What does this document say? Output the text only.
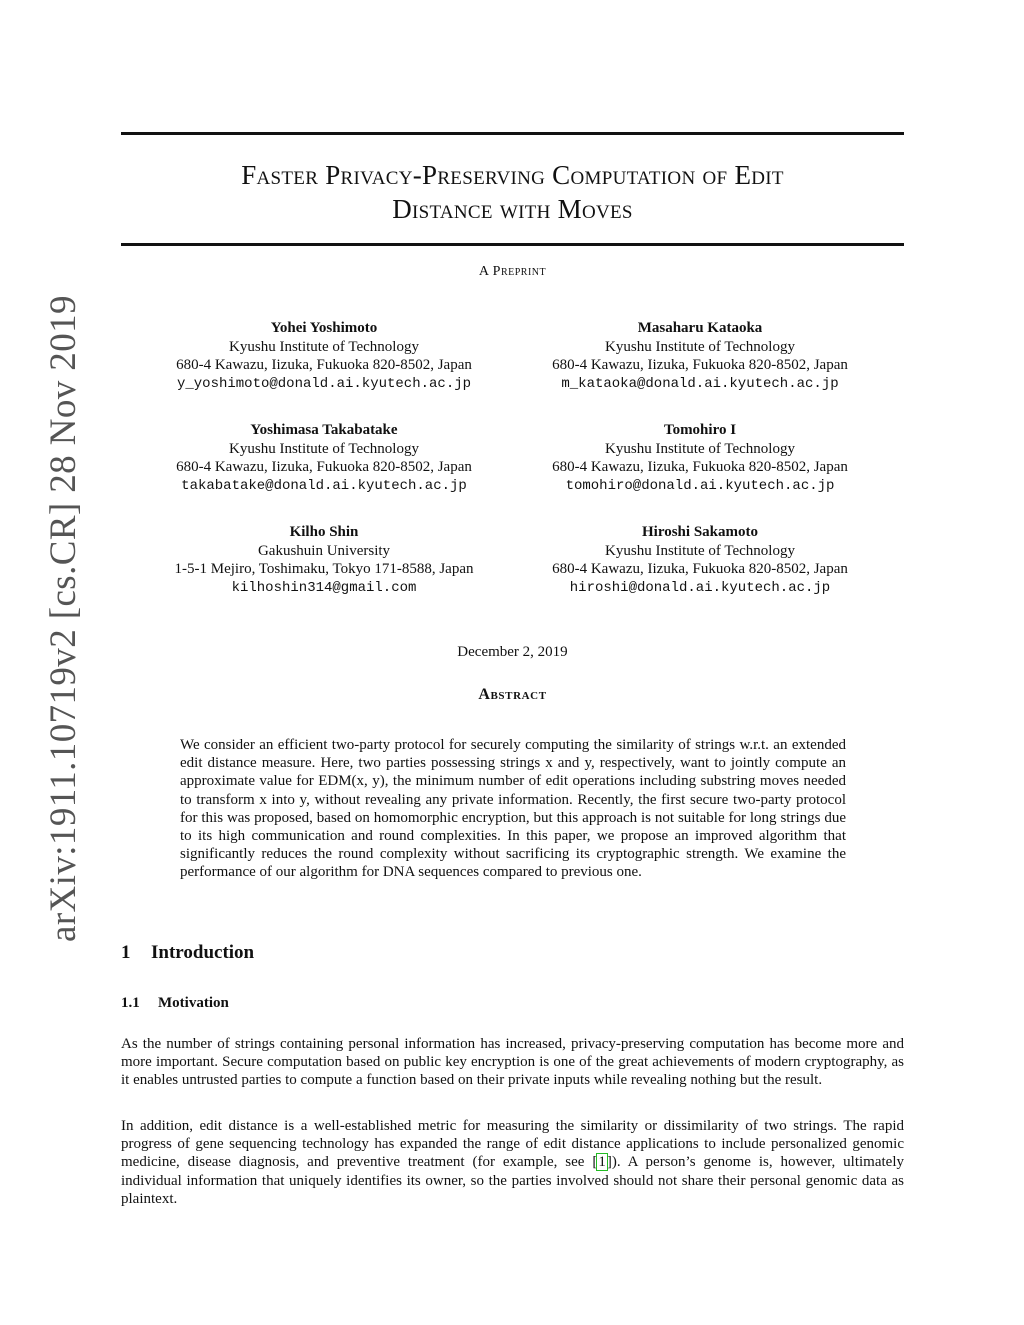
arXiv:1911.10719v2 [cs.CR] 28 Nov 2019
Faster Privacy-Preserving Computation of Edit
Distance with Moves
A Preprint
Yohei Yoshimoto
Kyushu Institute of Technology
680-4 Kawazu, Iizuka, Fukuoka 820-8502, Japan
y_yoshimoto@donald.ai.kyutech.ac.jp
Masaharu Kataoka
Kyushu Institute of Technology
680-4 Kawazu, Iizuka, Fukuoka 820-8502, Japan
m_kataoka@donald.ai.kyutech.ac.jp
Yoshimasa Takabatake
Kyushu Institute of Technology
680-4 Kawazu, Iizuka, Fukuoka 820-8502, Japan
takabatake@donald.ai.kyutech.ac.jp
Tomohiro I
Kyushu Institute of Technology
680-4 Kawazu, Iizuka, Fukuoka 820-8502, Japan
tomohiro@donald.ai.kyutech.ac.jp
Kilho Shin
Gakushuin University
1-5-1 Mejiro, Toshimaku, Tokyo 171-8588, Japan
kilhoshin314@gmail.com
Hiroshi Sakamoto
Kyushu Institute of Technology
680-4 Kawazu, Iizuka, Fukuoka 820-8502, Japan
hiroshi@donald.ai.kyutech.ac.jp
December 2, 2019
Abstract
We consider an efficient two-party protocol for securely computing the similarity of strings w.r.t. an extended edit distance measure. Here, two parties possessing strings x and y, respectively, want to jointly compute an approximate value for EDM(x, y), the minimum number of edit operations including substring moves needed to transform x into y, without revealing any private information. Recently, the first secure two-party protocol for this was proposed, based on homomorphic encryption, but this approach is not suitable for long strings due to its high communication and round complexities. In this paper, we propose an improved algorithm that significantly reduces the round complexity without sacrificing its cryptographic strength. We examine the performance of our algorithm for DNA sequences compared to previous one.
1 Introduction
1.1 Motivation
As the number of strings containing personal information has increased, privacy-preserving computation has become more and more important. Secure computation based on public key encryption is one of the great achievements of modern cryptography, as it enables untrusted parties to compute a function based on their private inputs while revealing nothing but the result.
In addition, edit distance is a well-established metric for measuring the similarity or dissimilarity of two strings. The rapid progress of gene sequencing technology has expanded the range of edit distance applications to include personalized genomic medicine, disease diagnosis, and preventive treatment (for example, see [1]). A person’s genome is, however, ultimately individual information that uniquely identifies its owner, so the parties involved should not share their personal genomic data as plaintext.
